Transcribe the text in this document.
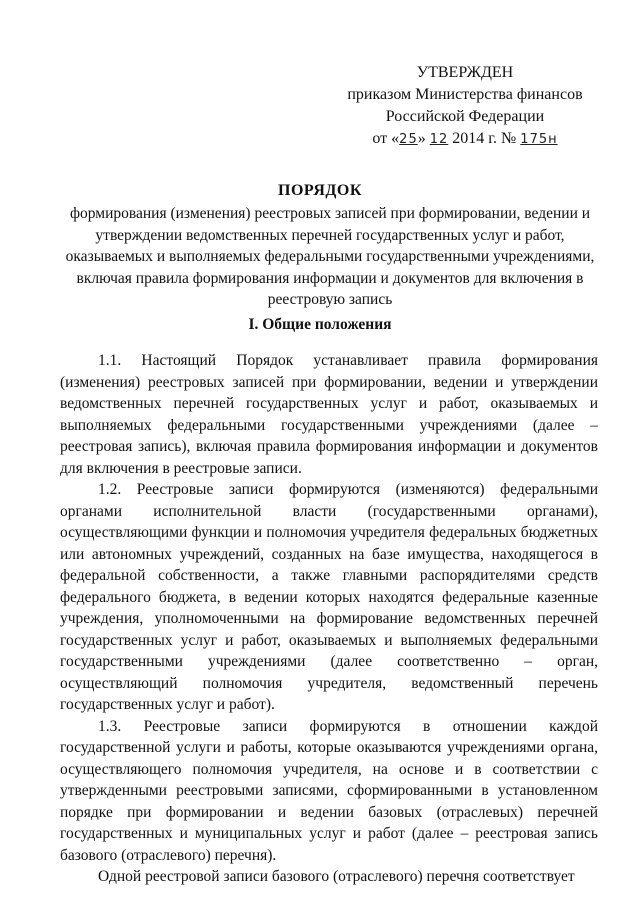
УТВЕРЖДЕН
приказом Министерства финансов
Российской Федерации
от «25» 12 2014 г. № 175н
ПОРЯДОК
формирования (изменения) реестровых записей при формировании, ведении и утверждении ведомственных перечней государственных услуг и работ, оказываемых и выполняемых федеральными государственными учреждениями, включая правила формирования информации и документов для включения в реестровую запись
I. Общие положения

1.1. Настоящий Порядок устанавливает правила формирования (изменения) реестровых записей при формировании, ведении и утверждении ведомственных перечней государственных услуг и работ, оказываемых и выполняемых федеральными государственными учреждениями (далее – реестровая запись), включая правила формирования информации и документов для включения в реестровые записи.

1.2. Реестровые записи формируются (изменяются) федеральными органами исполнительной власти (государственными органами), осуществляющими функции и полномочия учредителя федеральных бюджетных или автономных учреждений, созданных на базе имущества, находящегося в федеральной собственности, а также главными распорядителями средств федерального бюджета, в ведении которых находятся федеральные казенные учреждения, уполномоченными на формирование ведомственных перечней государственных услуг и работ, оказываемых и выполняемых федеральными государственными учреждениями (далее соответственно – орган, осуществляющий полномочия учредителя, ведомственный перечень государственных услуг и работ).

1.3. Реестровые записи формируются в отношении каждой государственной услуги и работы, которые оказываются учреждениями органа, осуществляющего полномочия учредителя, на основе и в соответствии с утвержденными реестровыми записями, сформированными в установленном порядке при формировании и ведении базовых (отраслевых) перечней государственных и муниципальных услуг и работ (далее – реестровая запись базового (отраслевого) перечня).

Одной реестровой записи базового (отраслевого) перечня соответствует
